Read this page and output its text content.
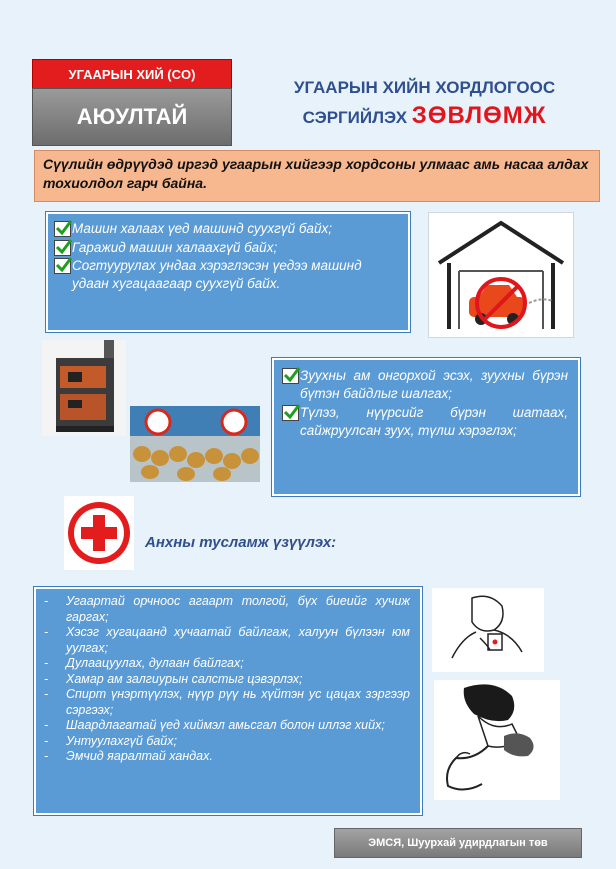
УГААРЫН ХИЙ (CO)
АЮУЛТАЙ
УГААРЫН ХИЙН ХОРДЛОГООС
СЭРГИЙЛЭХ ЗӨВЛӨМЖ
Сүүлийн өдрүүдэд иргэд угаарын хийгээр хордсоны улмаас амь насаа алдах тохиолдол гарч байна.
Машин халаах үед машинд суухгүй байх;
Гаражид машин халаахгүй байх;
Согтуурулах ундаа хэрэглэсэн үедээ машинд удаан хугацаагаар суухгүй байх.
Зуухны ам онгорхой эсэх, зуухны бүрэн бүтэн байдлыг шалгах;
Түлээ, нүүрсийг бүрэн шатаах, сайжруулсан зуух, түлш хэрэглэх;
Анхны тусламж үзүүлэх:
- Угаартай орчноос агаарт толгой, бүх биеийг хучиж гаргах;
- Хэсэг хугацаанд хучаатай байлгаж, халуун бүлээн юм уулгах;
- Дулаацуулах, дулаан байлгах;
- Хамар ам залгиурын салстыг цэвэрлэх;
- Спирт үнэртүүлэх, нүүр рүү нь хүйтэн ус цацах зэргээр сэргээх;
- Шаардлагатай үед хиймэл амьсгал болон иллэг хийх;
- Унтуулахгүй байх;
- Эмчид яаралтай хандах.
ЭМСЯ, Шуурхай удирдлагын төв
